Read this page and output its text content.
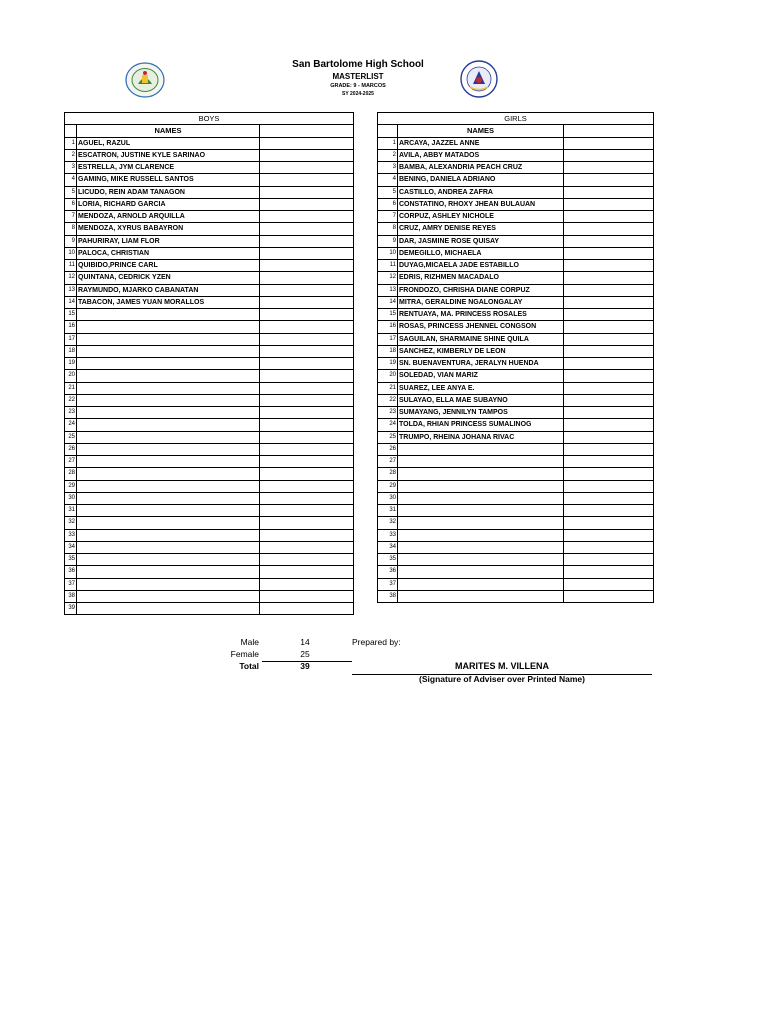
San Bartolome High School
MASTERLIST
GRADE: 9 - MARCOS
SY 2024-2025
BOYS		
	NAMES	
1	AGUEL, RAZUL	
2	ESCATRON, JUSTINE KYLE SARINAO	
3	ESTRELLA, JYM CLARENCE	
4	GAMING, MIKE RUSSELL SANTOS	
5	LICUDO, REIN ADAM TANAGON	
6	LORIA, RICHARD GARCIA	
7	MENDOZA, ARNOLD ARQUILLA	
8	MENDOZA, XYRUS BABAYRON	
9	PAHURIRAY, LIAM FLOR	
10	PALOCA, CHRISTIAN	
11	QUIBIDO,PRINCE CARL	
12	QUINTANA, CEDRICK YZEN	
13	RAYMUNDO, MJARKO CABANATAN	
14	TABACON, JAMES YUAN MORALLOS	
15		
16		
17		
18		
19		
20		
21		
22		
23		
24		
25		
26		
27		
28		
29		
30		
31		
32		
33		
34		
35		
36		
37		
38		
39		
GIRLS		
	NAMES	
1	ARCAYA, JAZZEL ANNE	
2	AVILA, ABBY MATADOS	
3	BAMBA, ALEXANDRIA PEACH CRUZ	
4	BENING, DANIELA ADRIANO	
5	CASTILLO, ANDREA ZAFRA	
6	CONSTATINO, RHOXY JHEAN BULAUAN	
7	CORPUZ, ASHLEY NICHOLE	
8	CRUZ, AMRY DENISE REYES	
9	DAR, JASMINE ROSE QUISAY	
10	DEMEGILLO, MICHAELA	
11	DUYAG,MICAELA JADE ESTABILLO	
12	EDRIS, RIZHMEN MACADALO	
13	FRONDOZO, CHRISHA DIANE CORPUZ	
14	MITRA, GERALDINE NGALONGALAY	
15	RENTUAYA, MA. PRINCESS ROSALES	
16	ROSAS, PRINCESS JHENNEL CONGSON	
17	SAGUILAN, SHARMAINE SHINE QUILA	
18	SANCHEZ, KIMBERLY DE LEON	
19	SN. BUENAVENTURA, JERALYN HUENDA	
20	SOLEDAD, VIAN MARIZ	
21	SUAREZ, LEE ANYA E.	
22	SULAYAO, ELLA MAE SUBAYNO	
23	SUMAYANG, JENNILYN TAMPOS	
24	TOLDA, RHIAN PRINCESS SUMALINOG	
25	TRUMPO, RHEINA JOHANA RIVAC	
26		
27		
28		
29		
30		
31		
32		
33		
34		
35		
36		
37		
38		
Male	14	Prepared by:
Female	25
Total	39	MARITES M. VILLENA
(Signature of Adviser over Printed Name)
